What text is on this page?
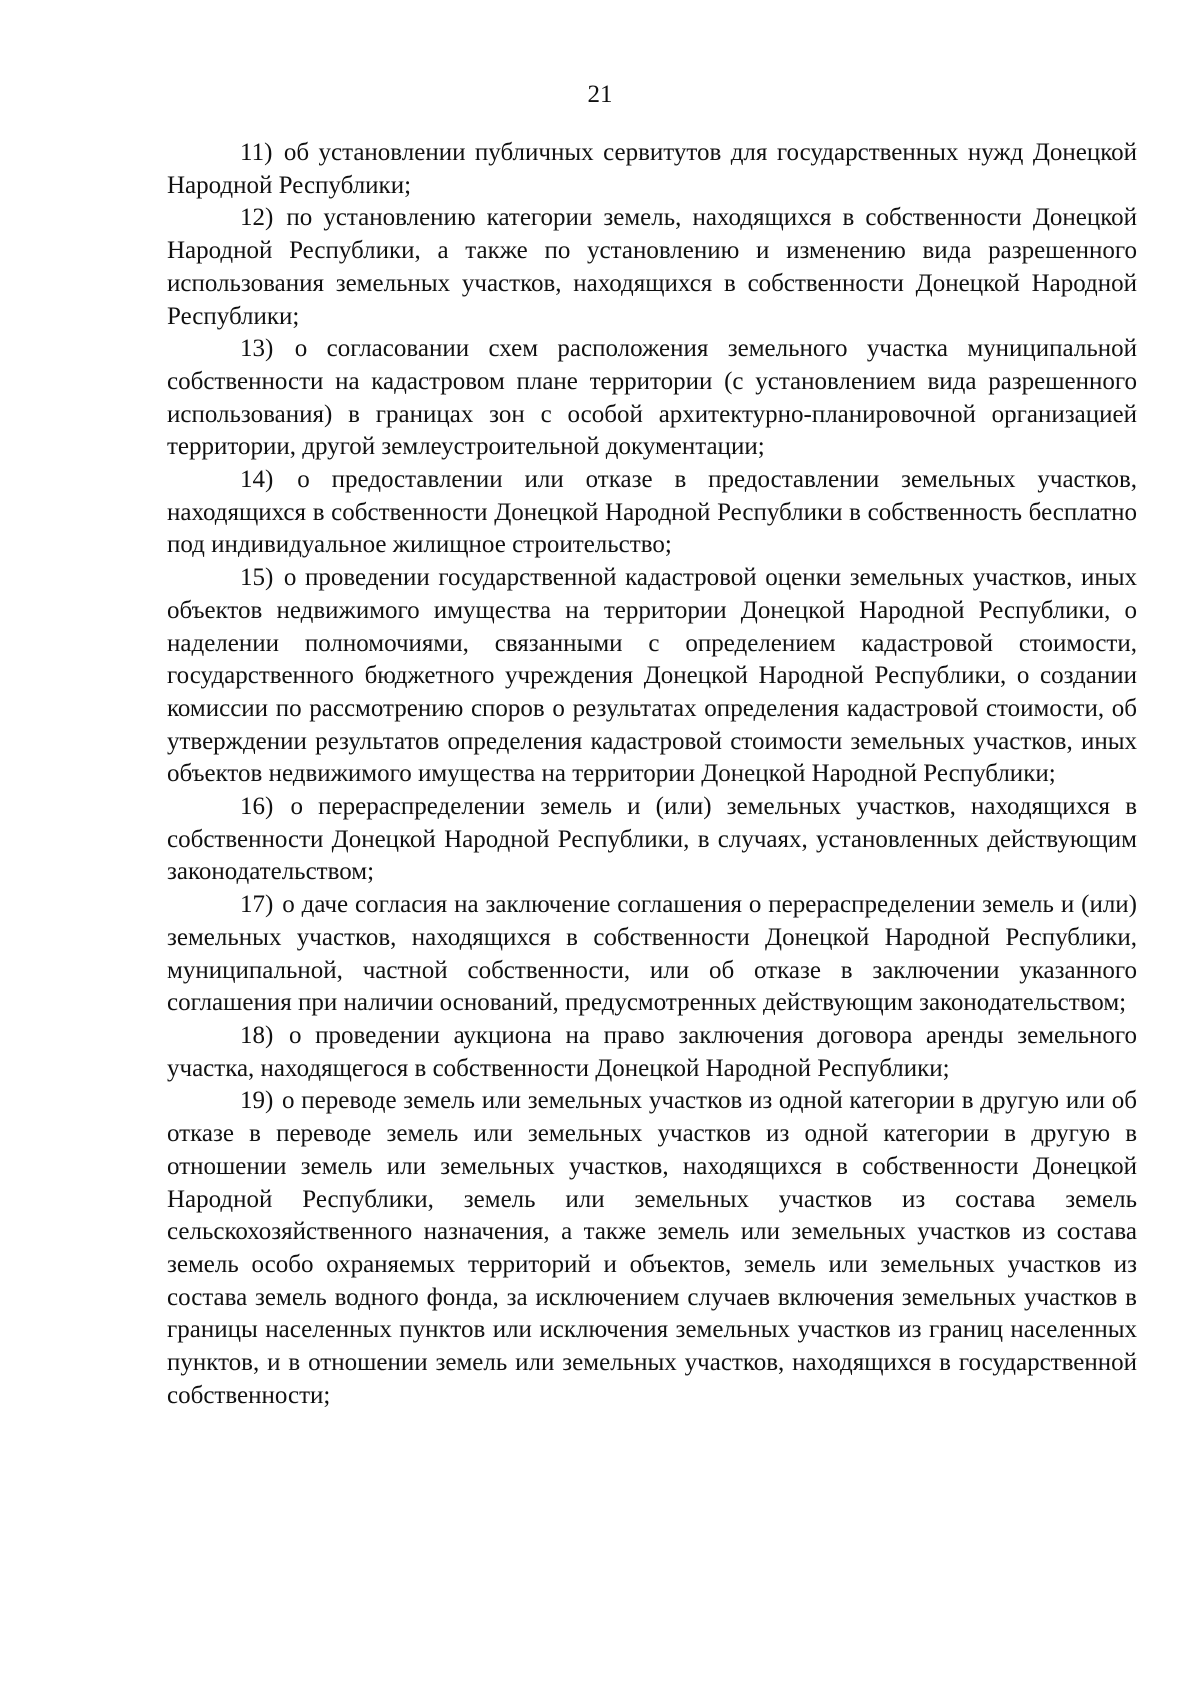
21

11) об установлении публичных сервитутов для государственных нужд Донецкой Народной Республики;

12) по установлению категории земель, находящихся в собственности Донецкой Народной Республики, а также по установлению и изменению вида разрешенного использования земельных участков, находящихся в собственности Донецкой Народной Республики;

13) о согласовании схем расположения земельного участка муниципальной собственности на кадастровом плане территории (с установлением вида разрешенного использования) в границах зон с особой архитектурно-планировочной организацией территории, другой землеустроительной документации;

14) о предоставлении или отказе в предоставлении земельных участков, находящихся в собственности Донецкой Народной Республики в собственность бесплатно под индивидуальное жилищное строительство;

15) о проведении государственной кадастровой оценки земельных участков, иных объектов недвижимого имущества на территории Донецкой Народной Республики, о наделении полномочиями, связанными с определением кадастровой стоимости, государственного бюджетного учреждения Донецкой Народной Республики, о создании комиссии по рассмотрению споров о результатах определения кадастровой стоимости, об утверждении результатов определения кадастровой стоимости земельных участков, иных объектов недвижимого имущества на территории Донецкой Народной Республики;

16) о перераспределении земель и (или) земельных участков, находящихся в собственности Донецкой Народной Республики, в случаях, установленных действующим законодательством;

17) о даче согласия на заключение соглашения о перераспределении земель и (или) земельных участков, находящихся в собственности Донецкой Народной Республики, муниципальной, частной собственности, или об отказе в заключении указанного соглашения при наличии оснований, предусмотренных действующим законодательством;

18) о проведении аукциона на право заключения договора аренды земельного участка, находящегося в собственности Донецкой Народной Республики;

19) о переводе земель или земельных участков из одной категории в другую или об отказе в переводе земель или земельных участков из одной категории в другую в отношении земель или земельных участков, находящихся в собственности Донецкой Народной Республики, земель или земельных участков из состава земель сельскохозяйственного назначения, а также земель или земельных участков из состава земель особо охраняемых территорий и объектов, земель или земельных участков из состава земель водного фонда, за исключением случаев включения земельных участков в границы населенных пунктов или исключения земельных участков из границ населенных пунктов, и в отношении земель или земельных участков, находящихся в государственной собственности;
